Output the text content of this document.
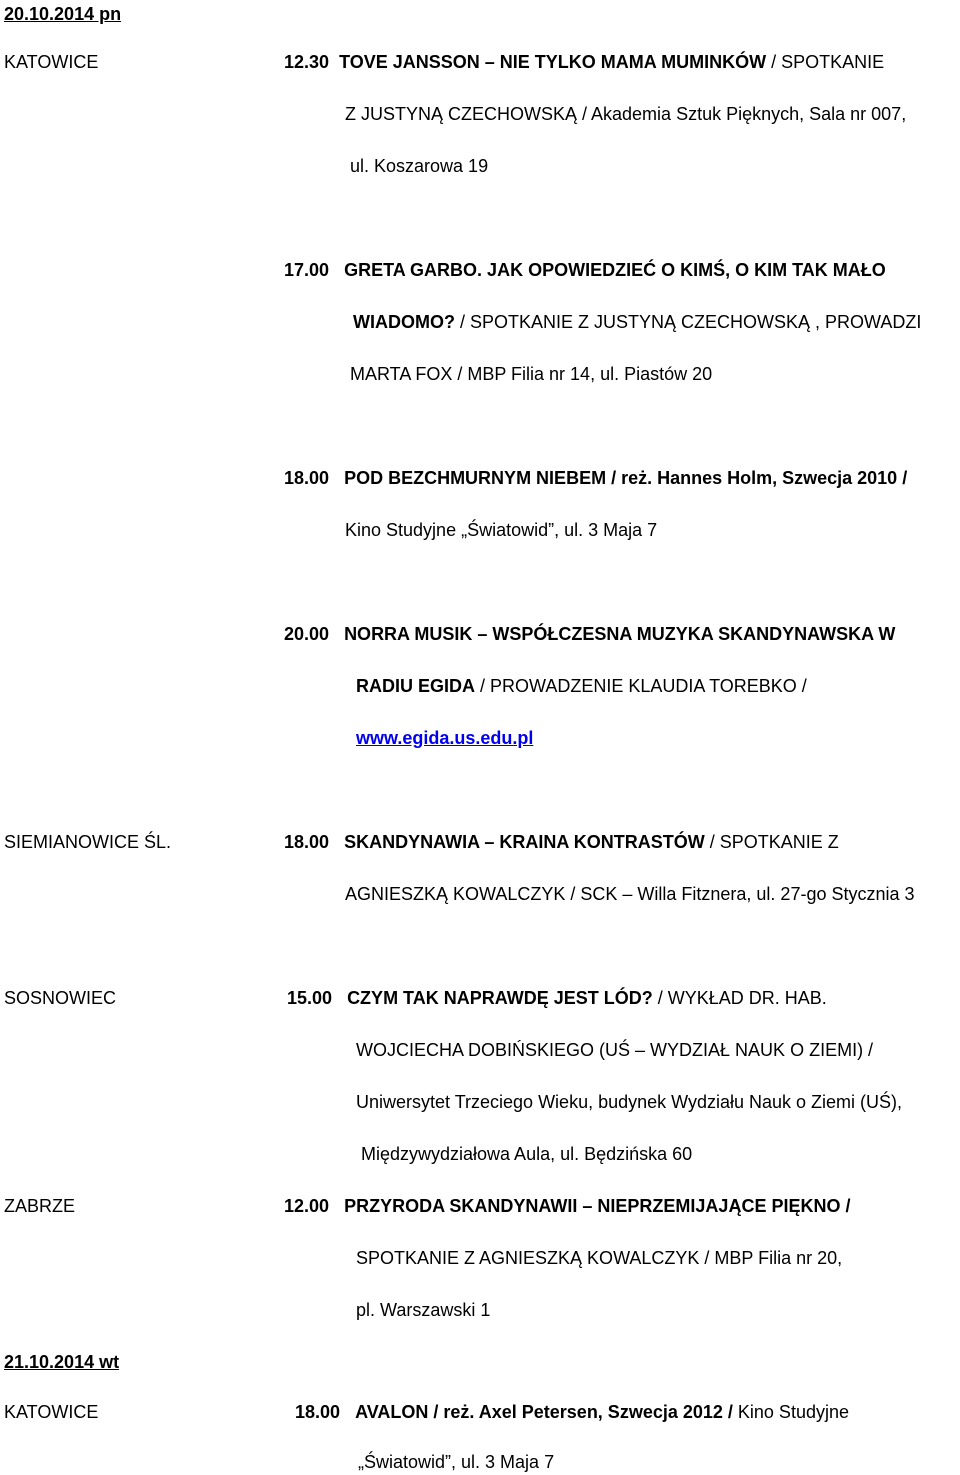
20.10.2014 pn
KATOWICE	12.30 TOVE JANSSON – NIE TYLKO MAMA MUMINKÓW / SPOTKANIE
Z JUSTYNĄ CZECHOWSKĄ / Akademia Sztuk Pięknych, Sala nr 007,
ul. Koszarowa 19
17.00 GRETA GARBO. JAK OPOWIEDZIEĆ O KIMŚ, O KIM TAK MAŁO
WIADOMO? / SPOTKANIE Z JUSTYNĄ CZECHOWSKĄ , PROWADZI
MARTA FOX / MBP Filia nr 14, ul. Piastów 20
18.00 POD BEZCHMURNYM NIEBEM / reż. Hannes Holm, Szwecja 2010 /
Kino Studyjne „Światowid”, ul. 3 Maja 7
20.00 NORRA MUSIK – WSPÓŁCZESNA MUZYKA SKANDYNAWSKA W
RADIU EGIDA / PROWADZENIE KLAUDIA TOREBKO /
www.egida.us.edu.pl
SIEMIANOWICE ŚL.	18.00 SKANDYNAWIA – KRAINA KONTRASTÓW / SPOTKANIE Z
AGNIESZKĄ KOWALCZYK / SCK – Willa Fitznera, ul. 27-go Stycznia 3
SOSNOWIEC	15.00 CZYM TAK NAPRAWDĘ JEST LÓD? / WYKŁAD DR. HAB.
WOJCIECHA DOBIŃSKIEGO (UŚ – WYDZIAŁ NAUK O ZIEMI) /
Uniwersytet Trzeciego Wieku, budynek Wydziału Nauk o Ziemi (UŚ),
Międzywydziałowa Aula, ul. Będzińska 60
ZABRZE	12.00 PRZYRODA SKANDYNAWII – NIEPRZEMIJAJĄCE PIĘKNO /
SPOTKANIE Z AGNIESZKĄ KOWALCZYK / MBP Filia nr 20,
pl. Warszawski 1
21.10.2014 wt
KATOWICE	18.00 AVALON / reż. Axel Petersen, Szwecja 2012 / Kino Studyjne
„Światowid”, ul. 3 Maja 7
